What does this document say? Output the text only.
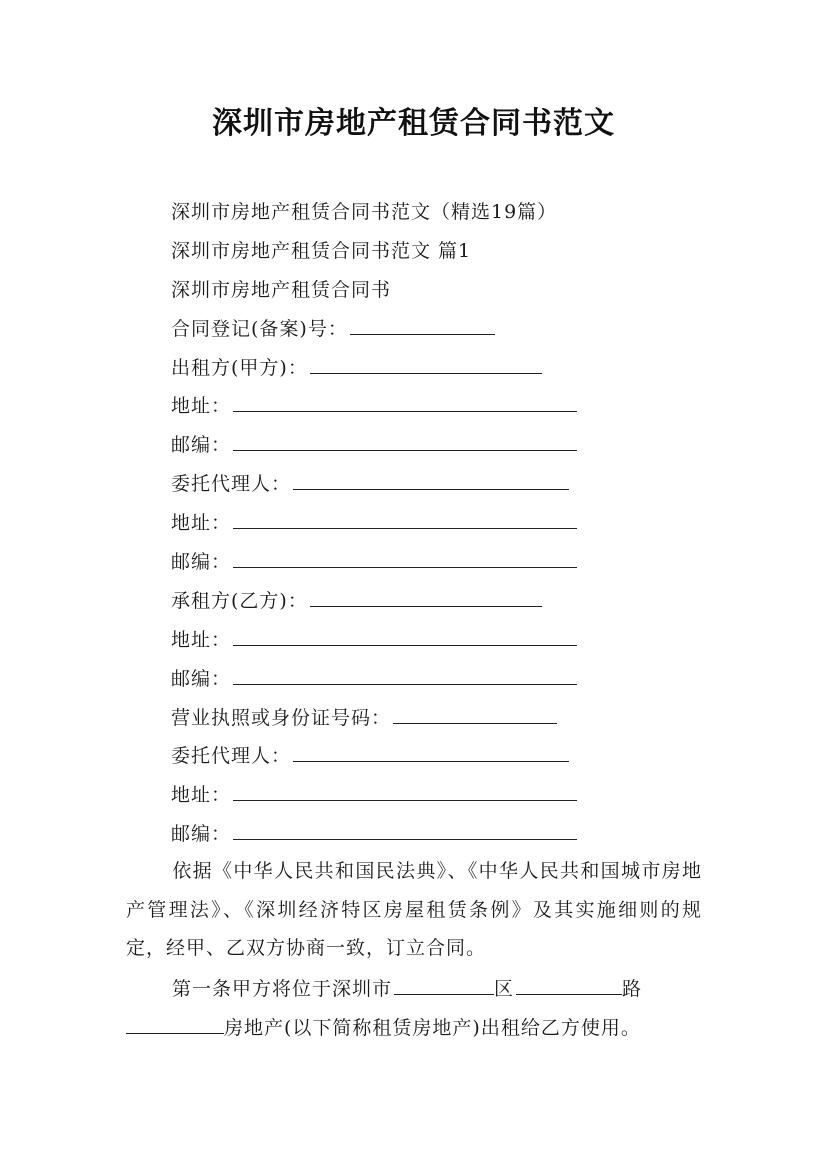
深圳市房地产租赁合同书范文
深圳市房地产租赁合同书范文（精选19篇）
深圳市房地产租赁合同书范文 篇1
深圳市房地产租赁合同书
合同登记(备案)号：
出租方(甲方)：
地址：
邮编：
委托代理人：
地址：
邮编：
承租方(乙方)：
地址：
邮编：
营业执照或身份证号码：
委托代理人：
地址：
邮编：
依据《中华人民共和国民法典》、《中华人民共和国城市房地产管理法》、《深圳经济特区房屋租赁条例》及其实施细则的规定，经甲、乙双方协商一致，订立合同。
第一条甲方将位于深圳市	区	路
房地产(以下简称租赁房地产)出租给乙方使用。
